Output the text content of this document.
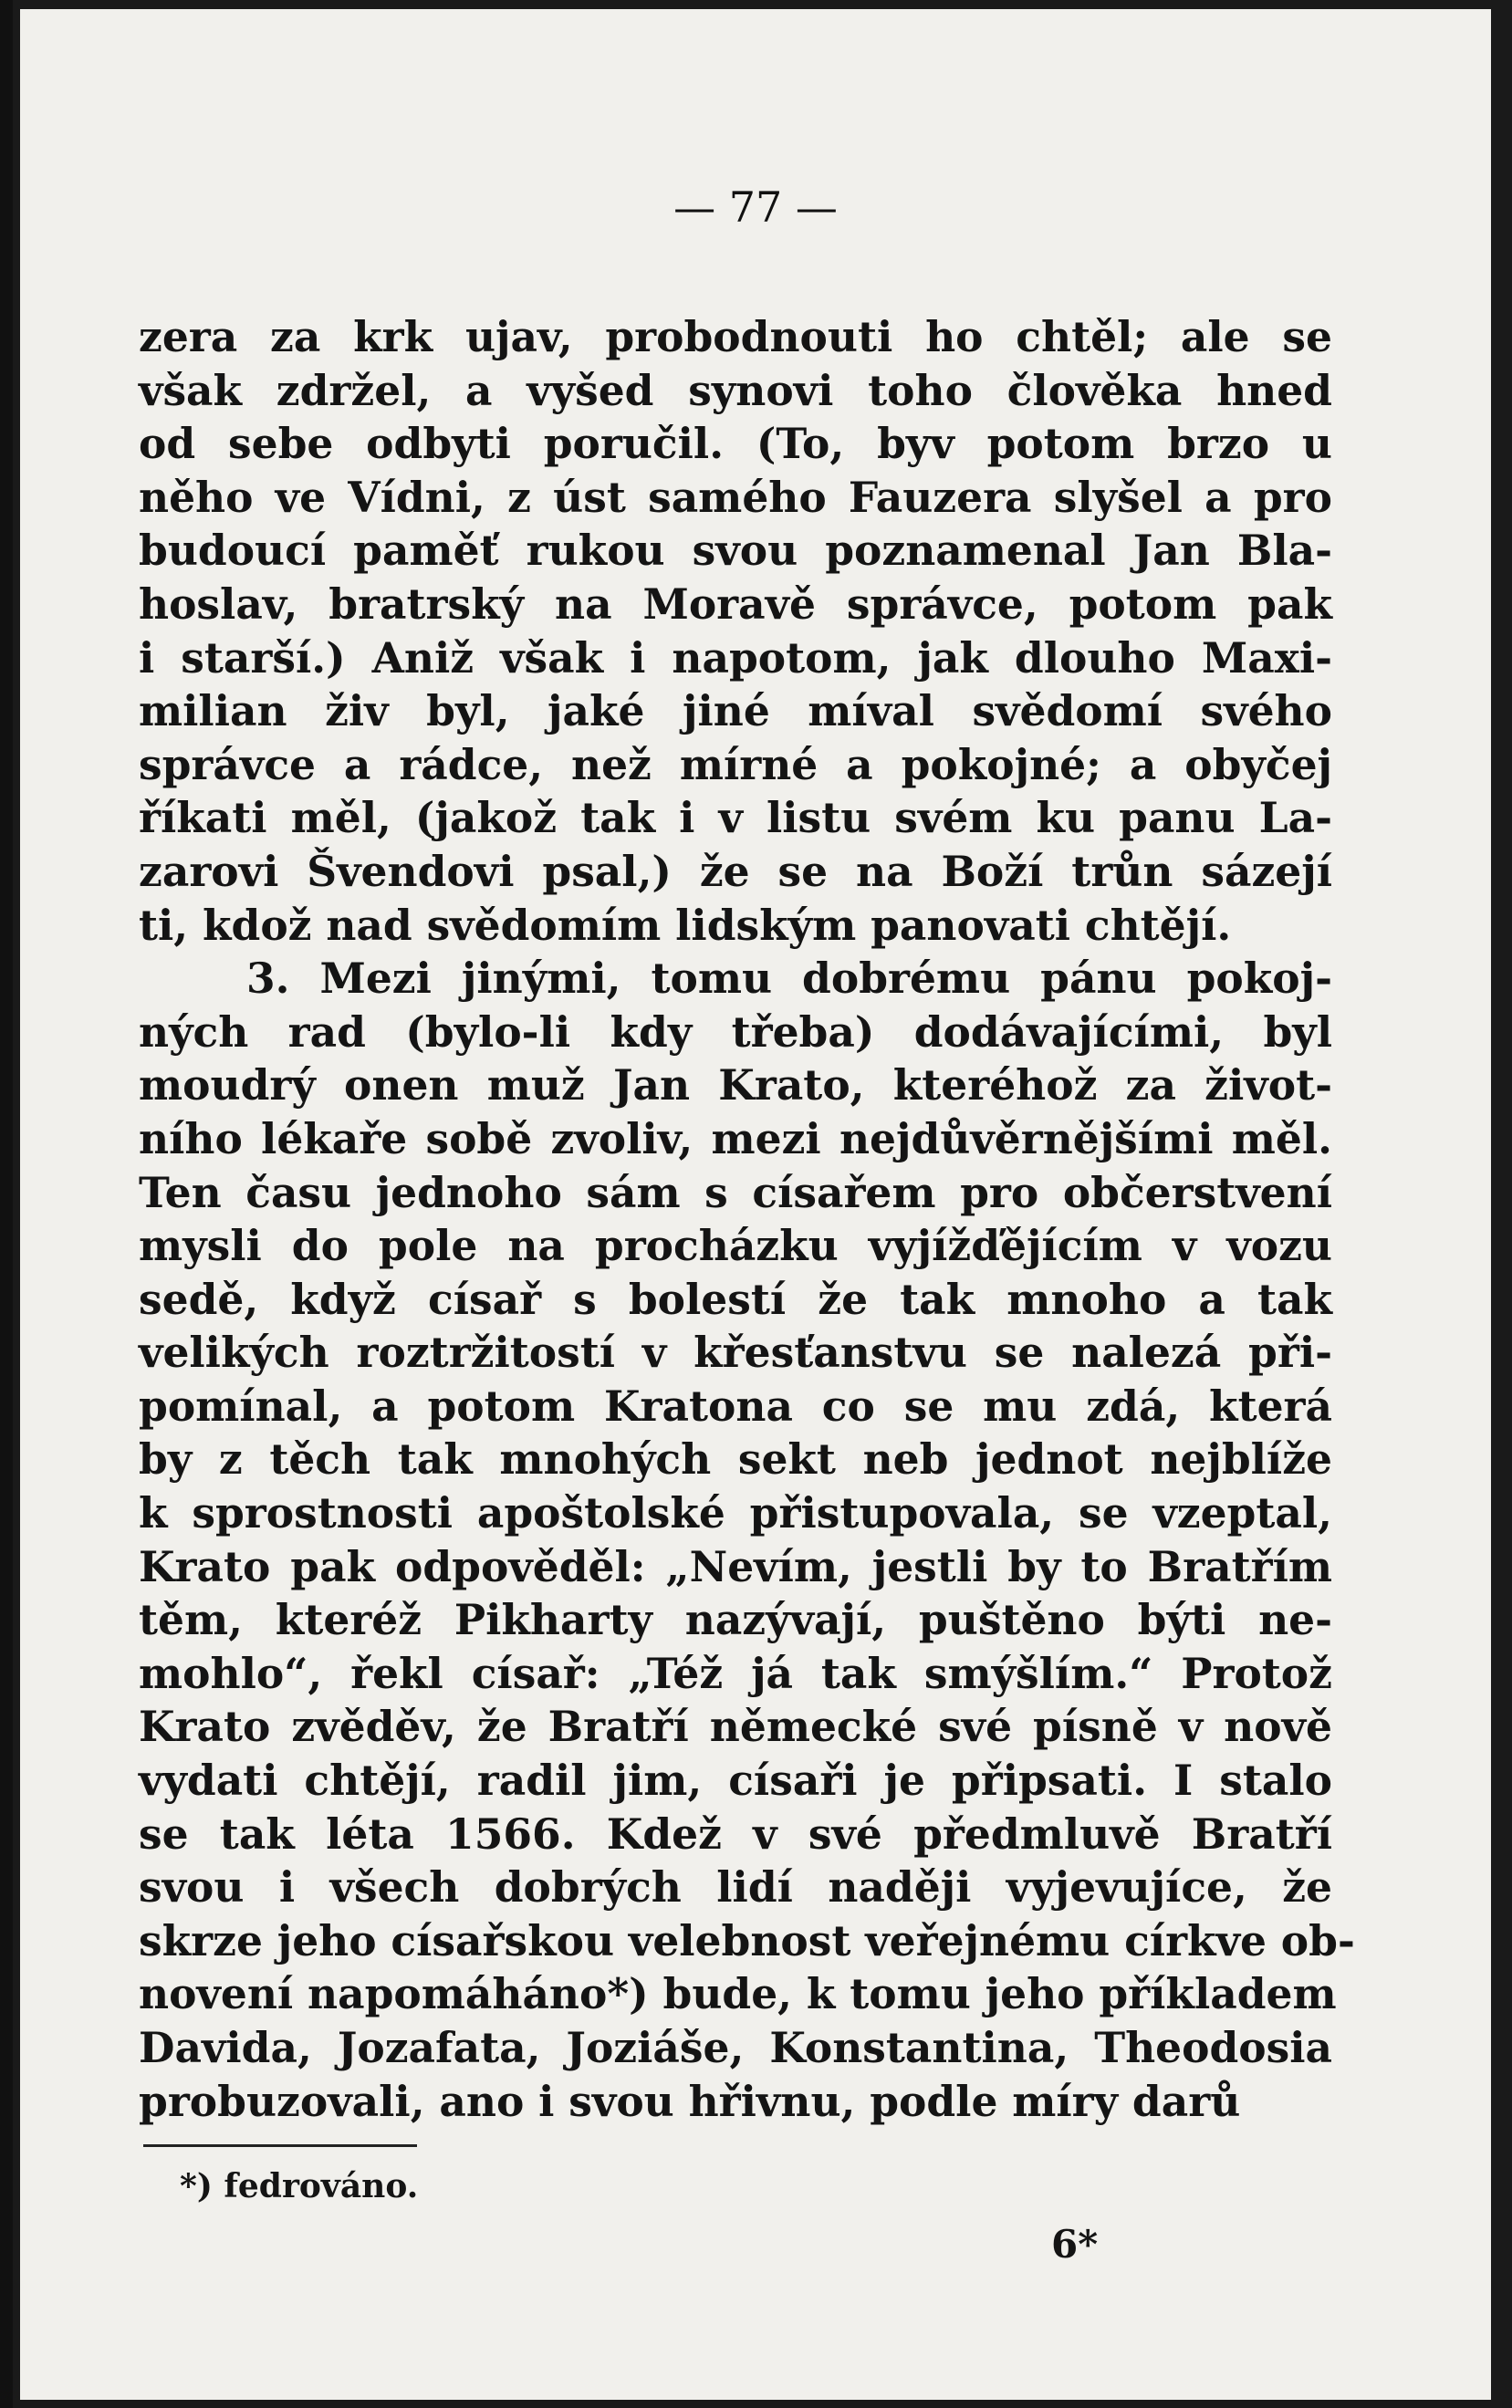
— 77 —
zera za krk ujav, probodnouti ho chtěl; ale se
však zdržel, a vyšed synovi toho člověka hned
od sebe odbyti poručil. (To, byv potom brzo u
něho ve Vídni, z úst samého Fauzera slyšel a pro
budoucí paměť rukou svou poznamenal Jan Bla-
hoslav, bratrský na Moravě správce, potom pak
i starší.) Aniž však i napotom, jak dlouho Maxi-
milian živ byl, jaké jiné míval svědomí svého
správce a rádce, než mírné a pokojné; a obyčej
říkati měl, (jakož tak i v listu svém ku panu La-
zarovi Švendovi psal,) že se na Boží trůn sázejí
ti, kdož nad svědomím lidským panovati chtějí.
3. Mezi jinými, tomu dobrému pánu pokoj-
ných rad (bylo-li kdy třeba) dodávajícími, byl
moudrý onen muž Jan Krato, kteréhož za život-
ního lékaře sobě zvoliv, mezi nejdůvěrnějšími měl.
Ten času jednoho sám s císařem pro občerstvení
mysli do pole na procházku vyjížďějícím v vozu
sedě, když císař s bolestí že tak mnoho a tak
velikých roztržitostí v křesťanstvu se nalezá při-
pomínal, a potom Kratona co se mu zdá, která
by z těch tak mnohých sekt neb jednot nejblíže
k sprostnosti apoštolské přistupovala, se vzeptal,
Krato pak odpověděl: „Nevím, jestli by to Bratřím
těm, kteréž Pikharty nazývají, puštěno býti ne-
mohlo“, řekl císař: „Též já tak smýšlím.“ Protož
Krato zvěděv, že Bratří německé své písně v nově
vydati chtějí, radil jim, císaři je připsati. I stalo
se tak léta 1566. Kdež v své předmluvě Bratří
svou i všech dobrých lidí naději vyjevujíce, že
skrze jeho císařskou velebnost veřejnému církve ob-
novení napomáháno*) bude, k tomu jeho příkladem
Davida, Jozafata, Joziáše, Konstantina, Theodosia
probuzovali, ano i svou hřivnu, podle míry darů
*) fedrováno.
6*
